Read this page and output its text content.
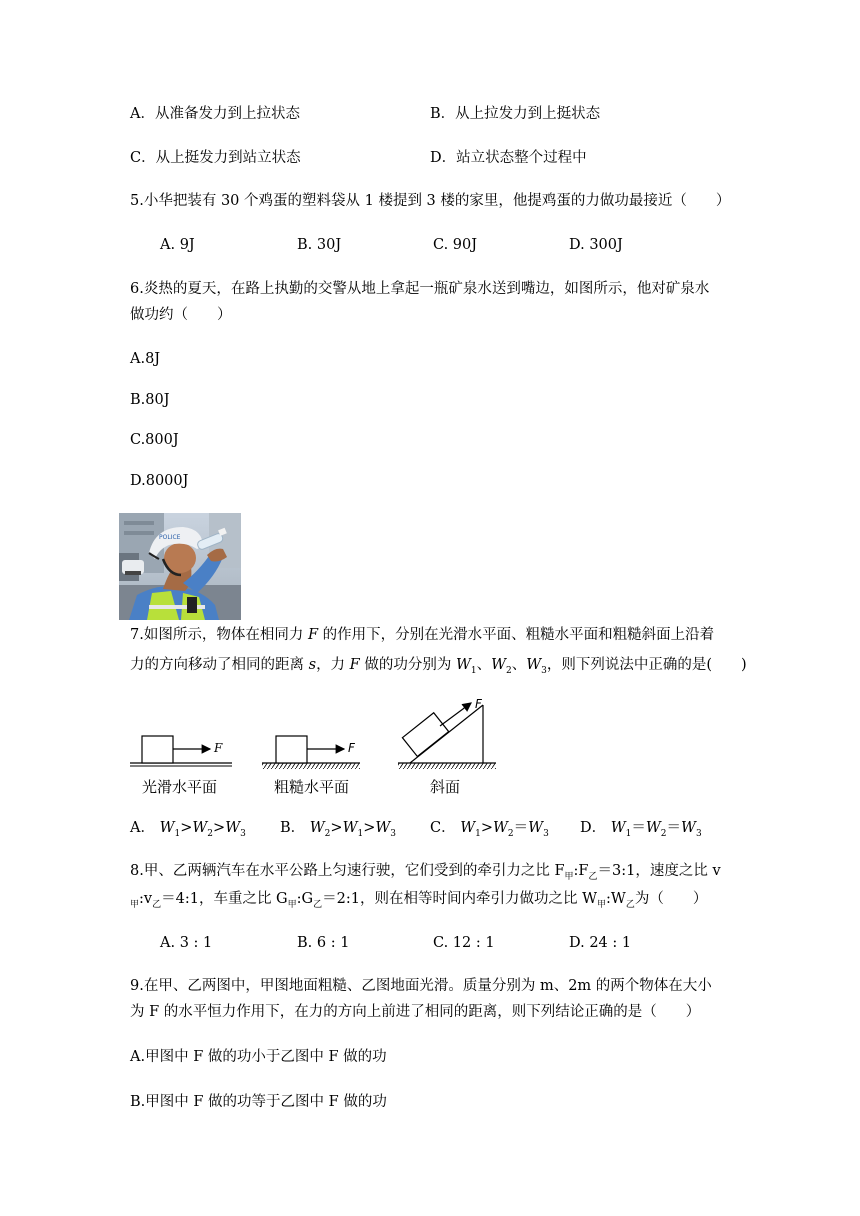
A．从准备发力到上拉状态	B．从上拉发力到上挺状态
C．从上挺发力到站立状态	D．站立状态整个过程中
5.小华把装有 30 个鸡蛋的塑料袋从 1 楼提到 3 楼的家里，他提鸡蛋的力做功最接近（　　）
A. 9J	B. 30J	C. 90J	D. 300J
6.炎热的夏天，在路上执勤的交警从地上拿起一瓶矿泉水送到嘴边，如图所示，他对矿泉水
做功约（　　）
A.8J
B.80J
C.800J
D.8000J
POLICE
7.如图所示，物体在相同力 F 的作用下，分别在光滑水平面、粗糙水平面和粗糙斜面上沿着
力的方向移动了相同的距离 s，力 F 做的功分别为 $W_1$、$W_2$、$W_3$，则下列说法中正确的是(　　)
F	F
F
光滑水平面	粗糙水平面	斜面
A． $W_1>W_2>W_3$ B． $W_2>W_1>W_3$ C． $W_1>W_2=W_3$ D． $W_1=W_2=W_3$
8.甲、乙两辆汽车在水平公路上匀速行驶，它们受到的牵引力之比 $F_甲:F_乙=3:1$，速度之比 v
$_甲:v_乙=4:1$，车重之比 $G_甲:G_乙=2:1$，则在相等时间内牵引力做功之比 $W_甲:W_乙$为（　　）
A. 3 : 1	B. 6 : 1	C. 12 : 1	D. 24 : 1
9.在甲、乙两图中，甲图地面粗糙、乙图地面光滑。质量分别为 m、2m 的两个物体在大小
为 F 的水平恒力作用下，在力的方向上前进了相同的距离，则下列结论正确的是（　　）
A.甲图中 F 做的功小于乙图中 F 做的功
B.甲图中 F 做的功等于乙图中 F 做的功
